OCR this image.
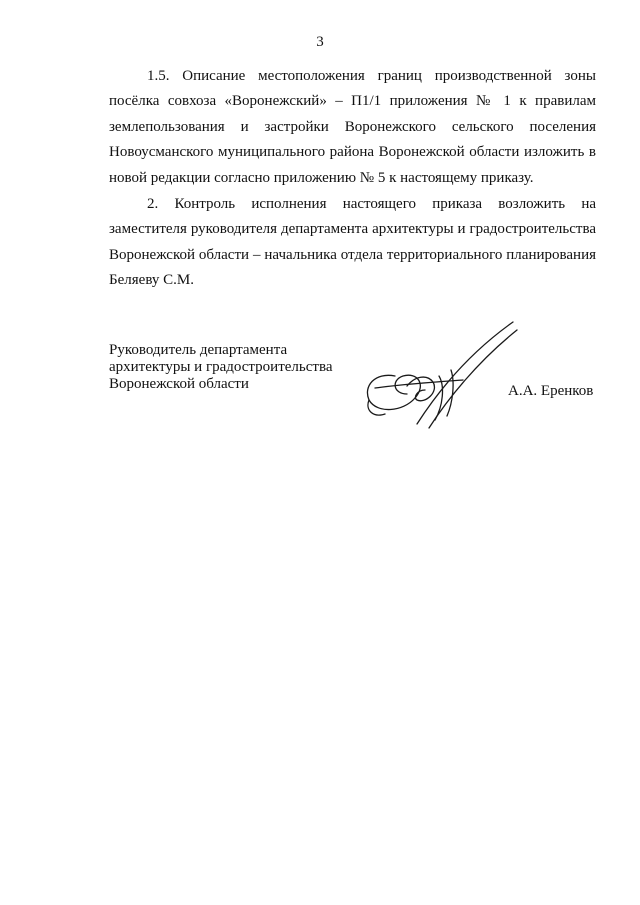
3

1.5. Описание местоположения границ производственной зоны посёлка совхоза «Воронежский» – П1/1 приложения № 1 к правилам землепользования и застройки Воронежского сельского поселения Новоусманского муниципального района Воронежской области изложить в новой редакции согласно приложению № 5 к настоящему приказу.

2. Контроль исполнения настоящего приказа возложить на заместителя руководителя департамента архитектуры и градостроительства Воронежской области – начальника отдела территориального планирования Беляеву С.М.

Руководитель департамента
архитектуры и градостроительства
Воронежской области	А.А. Еренков
